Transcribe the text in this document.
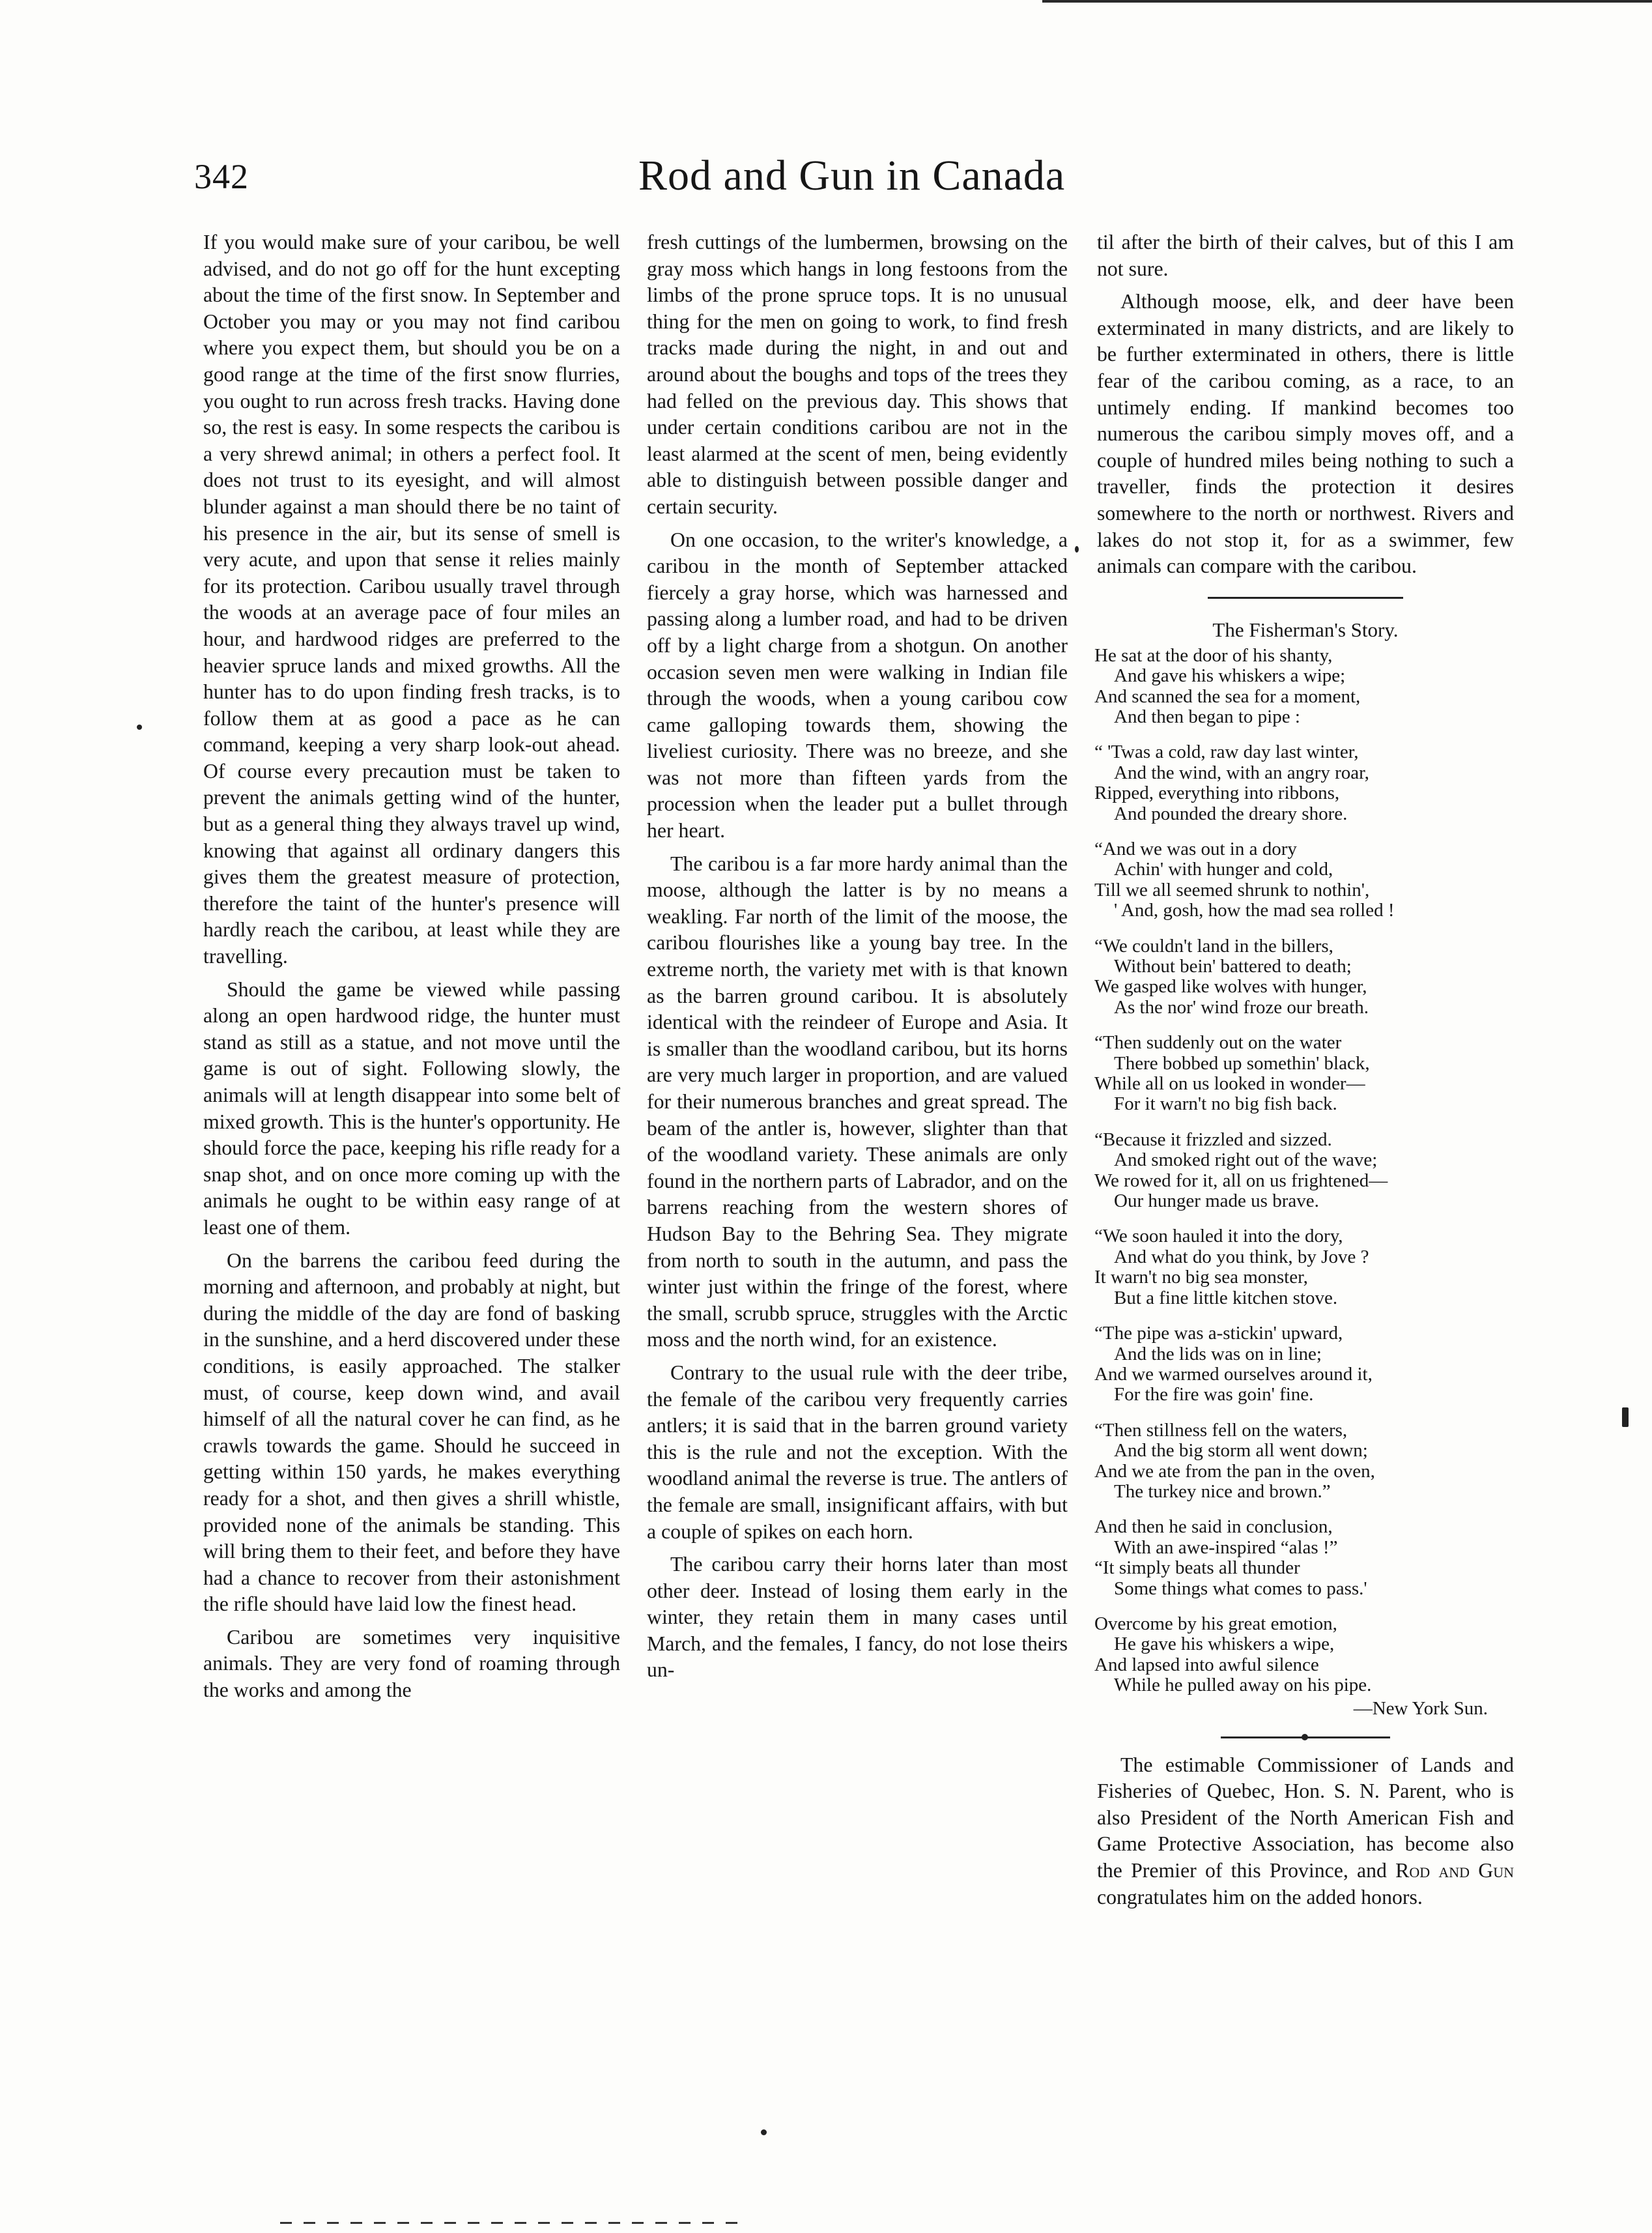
342	Rod and Gun in Canada

If you would make sure of your caribou, be well advised, and do not go off for the hunt excepting about the time of the first snow. In September and October you may or you may not find caribou where you expect them, but should you be on a good range at the time of the first snow flurries, you ought to run across fresh tracks. Having done so, the rest is easy. In some respects the caribou is a very shrewd animal; in others a perfect fool. It does not trust to its eyesight, and will almost blunder against a man should there be no taint of his presence in the air, but its sense of smell is very acute, and upon that sense it relies mainly for its protection. Caribou usually travel through the woods at an average pace of four miles an hour, and hardwood ridges are preferred to the heavier spruce lands and mixed growths. All the hunter has to do upon finding fresh tracks, is to follow them at as good a pace as he can command, keeping a very sharp look-out ahead. Of course every precaution must be taken to prevent the animals getting wind of the hunter, but as a general thing they always travel up wind, knowing that against all ordinary dangers this gives them the greatest measure of protection, therefore the taint of the hunter's presence will hardly reach the caribou, at least while they are travelling.

Should the game be viewed while passing along an open hardwood ridge, the hunter must stand as still as a statue, and not move until the game is out of sight. Following slowly, the animals will at length disappear into some belt of mixed growth. This is the hunter's opportunity. He should force the pace, keeping his rifle ready for a snap shot, and on once more coming up with the animals he ought to be within easy range of at least one of them.

On the barrens the caribou feed during the morning and afternoon, and probably at night, but during the middle of the day are fond of basking in the sunshine, and a herd discovered under these conditions, is easily approached. The stalker must, of course, keep down wind, and avail himself of all the natural cover he can find, as he crawls towards the game. Should he succeed in getting within 150 yards, he makes everything ready for a shot, and then gives a shrill whistle, provided none of the animals be standing. This will bring them to their feet, and before they have had a chance to recover from their astonishment the rifle should have laid low the finest head.

Caribou are sometimes very inquisitive animals. They are very fond of roaming through the works and among the

fresh cuttings of the lumbermen, browsing on the gray moss which hangs in long festoons from the limbs of the prone spruce tops. It is no unusual thing for the men on going to work, to find fresh tracks made during the night, in and out and around about the boughs and tops of the trees they had felled on the previous day. This shows that under certain conditions caribou are not in the least alarmed at the scent of men, being evidently able to distinguish between possible danger and certain security.

On one occasion, to the writer's knowledge, a caribou in the month of September attacked fiercely a gray horse, which was harnessed and passing along a lumber road, and had to be driven off by a light charge from a shotgun. On another occasion seven men were walking in Indian file through the woods, when a young caribou cow came galloping towards them, showing the liveliest curiosity. There was no breeze, and she was not more than fifteen yards from the procession when the leader put a bullet through her heart.

The caribou is a far more hardy animal than the moose, although the latter is by no means a weakling. Far north of the limit of the moose, the caribou flourishes like a young bay tree. In the extreme north, the variety met with is that known as the barren ground caribou. It is absolutely identical with the reindeer of Europe and Asia. It is smaller than the woodland caribou, but its horns are very much larger in proportion, and are valued for their numerous branches and great spread. The beam of the antler is, however, slighter than that of the woodland variety. These animals are only found in the northern parts of Labrador, and on the barrens reaching from the western shores of Hudson Bay to the Behring Sea. They migrate from north to south in the autumn, and pass the winter just within the fringe of the forest, where the small, scrubb spruce, struggles with the Arctic moss and the north wind, for an existence.

Contrary to the usual rule with the deer tribe, the female of the caribou very frequently carries antlers; it is said that in the barren ground variety this is the rule and not the exception. With the woodland animal the reverse is true. The antlers of the female are small, insignificant affairs, with but a couple of spikes on each horn.

The caribou carry their horns later than most other deer. Instead of losing them early in the winter, they retain them in many cases until March, and the females, I fancy, do not lose theirs un-

til after the birth of their calves, but of this I am not sure.

Although moose, elk, and deer have been exterminated in many districts, and are likely to be further exterminated in others, there is little fear of the caribou coming, as a race, to an untimely ending. If mankind becomes too numerous the caribou simply moves off, and a couple of hundred miles being nothing to such a traveller, finds the protection it desires somewhere to the north or northwest. Rivers and lakes do not stop it, for as a swimmer, few animals can compare with the caribou.

The Fisherman's Story.
He sat at the door of his shanty,
And gave his whiskers a wipe;
And scanned the sea for a moment,
And then began to pipe :
“ 'Twas a cold, raw day last winter,
And the wind, with an angry roar,
Ripped, everything into ribbons,
And pounded the dreary shore.
“And we was out in a dory
Achin' with hunger and cold,
Till we all seemed shrunk to nothin',
' And, gosh, how the mad sea rolled !
“We couldn't land in the billers,
Without bein' battered to death;
We gasped like wolves with hunger,
As the nor' wind froze our breath.
“Then suddenly out on the water
There bobbed up somethin' black,
While all on us looked in wonder—
For it warn't no big fish back.
“Because it frizzled and sizzed.
And smoked right out of the wave;
We rowed for it, all on us frightened—
Our hunger made us brave.
“We soon hauled it into the dory,
And what do you think, by Jove ?
It warn't no big sea monster,
But a fine little kitchen stove.
“The pipe was a-stickin' upward,
And the lids was on in line;
And we warmed ourselves around it,
For the fire was goin' fine.
“Then stillness fell on the waters,
And the big storm all went down;
And we ate from the pan in the oven,
The turkey nice and brown.”
And then he said in conclusion,
With an awe-inspired “alas !”
“It simply beats all thunder
Some things what comes to pass.'
Overcome by his great emotion,
He gave his whiskers a wipe,
And lapsed into awful silence
While he pulled away on his pipe.
—New York Sun.

The estimable Commissioner of Lands and Fisheries of Quebec, Hon. S. N. Parent, who is also President of the North American Fish and Game Protective Association, has become also the Premier of this Province, and Rod and Gun congratulates him on the added honors.
